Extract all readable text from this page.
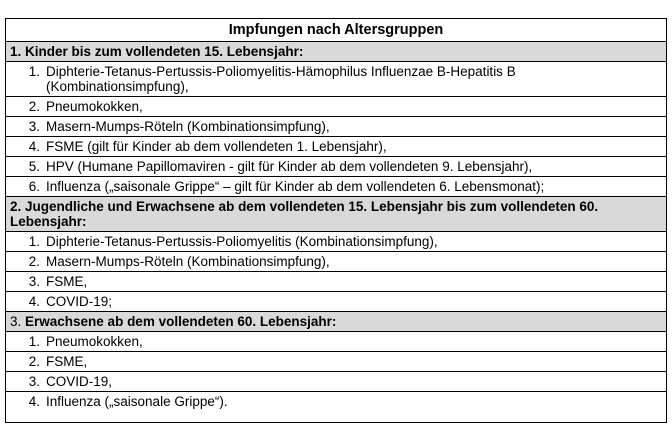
Impfungen nach Altersgruppen
1. Kinder bis zum vollendeten 15. Lebensjahr:
1. Diphterie-Tetanus-Pertussis-Poliomyelitis-Hämophilus Influenzae B-Hepatitis B
(Kombinationsimpfung),
2. Pneumokokken,
3. Masern-Mumps-Röteln (Kombinationsimpfung),
4. FSME (gilt für Kinder ab dem vollendeten 1. Lebensjahr),
5. HPV (Humane Papillomaviren - gilt für Kinder ab dem vollendeten 9. Lebensjahr),
6. Influenza („saisonale Grippe“ – gilt für Kinder ab dem vollendeten 6. Lebensmonat);
2. Jugendliche und Erwachsene ab dem vollendeten 15. Lebensjahr bis zum vollendeten 60. Lebensjahr:
1. Diphterie-Tetanus-Pertussis-Poliomyelitis (Kombinationsimpfung),
2. Masern-Mumps-Röteln (Kombinationsimpfung),
3. FSME,
4. COVID-19;
3. Erwachsene ab dem vollendeten 60. Lebensjahr:
1. Pneumokokken,
2. FSME,
3. COVID-19,
4. Influenza („saisonale Grippe“).
